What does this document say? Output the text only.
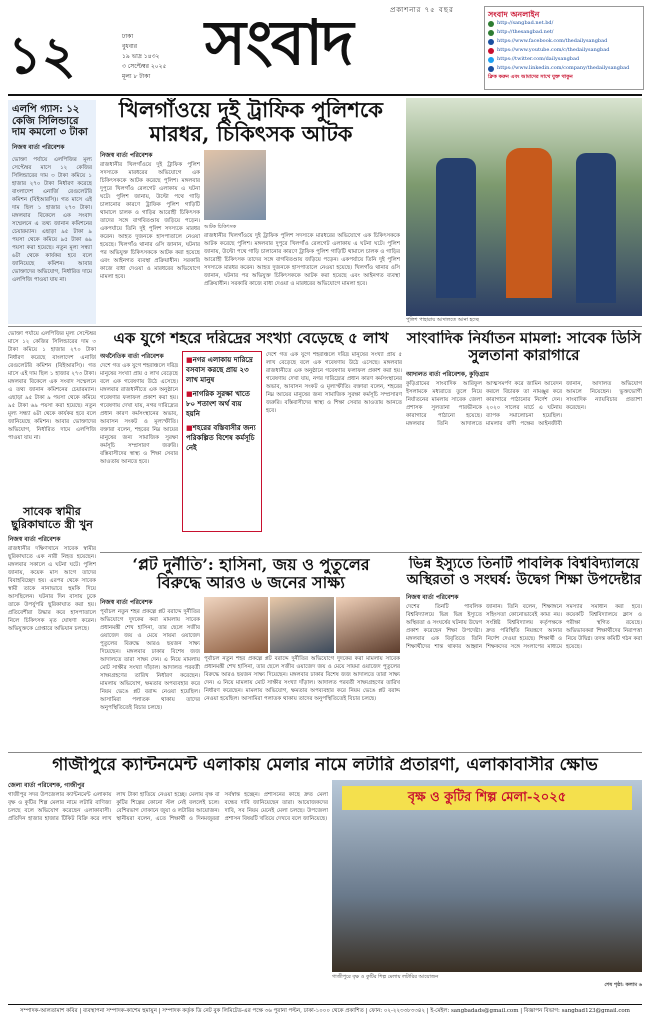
১২	ঢাকা
বুধবার
১৯ ভাদ্র ১৪৩২
৩ সেপ্টেম্বর ২০২৫
মূল্য ৮ টাকা
প্রকাশনার ৭৫ বছর
সংবাদ	সংবাদ অনলাইন
http://sangbad.net.bd/
http://thesangbad.net/
https://www.facebook.com/thedailysangbad
https://www.youtube.com/c/thedailysangbad
https://twitter.com/dailysangbad
https://www.linkedin.com/company/thedailysangbad
ক্লিক করুন এবং আমাদের সাথে যুক্ত থাকুন
এলপি গ্যাস: ১২ কেজি সিলিন্ডারে দাম কমলো ৩ টাকা
নিজস্ব বার্তা পরিবেশক
ভোক্তা পর্যায়ে এলপিজির মূল্য সেপ্টেম্বর মাসে ১২ কেজির সিলিন্ডারের দাম ৩ টাকা কমিয়ে ১ হাজার ২৭০ টাকা নির্ধারণ করেছে বাংলাদেশ এনার্জি রেগুলেটরি কমিশন (বিইআরসি)। গত মাসে এই দাম ছিল ১ হাজার ২৭৩ টাকা। মঙ্গলবার বিকেলে এক সংবাদ সম্মেলনে এ তথ্য জানান কমিশনের চেয়ারম্যান। এছাড়া ৯৫ টাকা ৯ পয়সা থেকে কমিয়ে ৯৫ টাকা ৬৯ পয়সা করা হয়েছে। নতুন মূল্য সন্ধ্যা ৬টা থেকে কার্যকর হবে বলে জানিয়েছে কমিশন। আবার ভোক্তাদের অভিযোগ, নির্ধারিত দামে এলপিজি পাওয়া যায় না।
খিলগাঁওয়ে দুই ট্রাফিক পুলিশকে
মারধর, চিকিৎসক আটক
নিজস্ব বার্তা পরিবেশক
রাজধানীর খিলগাঁওয়ে দুই ট্রাফিক পুলিশ সদস্যকে মারধরের অভিযোগে এক চিকিৎসককে আটক করেছে পুলিশ। মঙ্গলবার দুপুরে খিলগাঁও রেলগেট এলাকায় এ ঘটনা ঘটে। পুলিশ জানায়, উল্টো পথে গাড়ি চালানোর কারণে ট্রাফিক পুলিশ গাড়িটি থামালে চালক ও গাড়ির আরোহী চিকিৎসক তাদের সঙ্গে বাগবিতণ্ডায় জড়িয়ে পড়েন। একপর্যায়ে তিনি দুই পুলিশ সদস্যকে মারধর করেন। আহত দুজনকে হাসপাতালে নেওয়া হয়েছে। খিলগাঁও থানার ওসি জানান, ঘটনার পর অভিযুক্ত চিকিৎসককে আটক করা হয়েছে এবং আইনগত ব্যবস্থা প্রক্রিয়াধীন। সরকারি কাজে বাধা দেওয়া ও মারধরের অভিযোগে মামলা হবে।
আটক চিকিৎসক
রাজধানীর খিলগাঁওয়ে দুই ট্রাফিক পুলিশ সদস্যকে মারধরের অভিযোগে এক চিকিৎসককে আটক করেছে পুলিশ। মঙ্গলবার দুপুরে খিলগাঁও রেলগেট এলাকায় এ ঘটনা ঘটে। পুলিশ জানায়, উল্টো পথে গাড়ি চালানোর কারণে ট্রাফিক পুলিশ গাড়িটি থামালে চালক ও গাড়ির আরোহী চিকিৎসক তাদের সঙ্গে বাগবিতণ্ডায় জড়িয়ে পড়েন। একপর্যায়ে তিনি দুই পুলিশ সদস্যকে মারধর করেন। আহত দুজনকে হাসপাতালে নেওয়া হয়েছে। খিলগাঁও থানার ওসি জানান, ঘটনার পর অভিযুক্ত চিকিৎসককে আটক করা হয়েছে এবং আইনগত ব্যবস্থা প্রক্রিয়াধীন। সরকারি কাজে বাধা দেওয়া ও মারধরের অভিযোগে মামলা হবে।
পুলিশ পাহারায় আদালতে আনা হচ্ছে
এক যুগে শহরে দরিদ্রের সংখ্যা বেড়েছে ৫ লাখ
অর্থনৈতিক বার্তা পরিবেশক
দেশে গত এক যুগে শহরাঞ্চলে দরিদ্র মানুষের সংখ্যা প্রায় ৫ লাখ বেড়েছে বলে এক গবেষণায় উঠে এসেছে। মঙ্গলবার রাজধানীতে এক অনুষ্ঠানে গবেষণার ফলাফল প্রকাশ করা হয়। গবেষণায় দেখা যায়, নগর দারিদ্র্যের প্রধান কারণ কর্মসংস্থানের অভাব, আবাসন সংকট ও মূল্যস্ফীতি। বক্তারা বলেন, শহরের নিম্ন আয়ের মানুষের জন্য সামাজিক সুরক্ষা কর্মসূচি সম্প্রসারণ জরুরি। বস্তিবাসীদের স্বাস্থ্য ও শিক্ষা সেবার আওতায় আনতে হবে।
■ নগর এলাকায় দারিদ্রে বসবাস করছে প্রায় ২৩ লাখ মানুষ
■ নাগরিক সুরক্ষা খাতে ৮০ শতাংশ অর্থ ব্যয় হয়নি
■ শহরের বস্তিবাসীর জন্য পরিকল্পিত বিশেষ কর্মসূচি নেই
দেশে গত এক যুগে শহরাঞ্চলে দরিদ্র মানুষের সংখ্যা প্রায় ৫ লাখ বেড়েছে বলে এক গবেষণায় উঠে এসেছে। মঙ্গলবার রাজধানীতে এক অনুষ্ঠানে গবেষণার ফলাফল প্রকাশ করা হয়। গবেষণায় দেখা যায়, নগর দারিদ্র্যের প্রধান কারণ কর্মসংস্থানের অভাব, আবাসন সংকট ও মূল্যস্ফীতি। বক্তারা বলেন, শহরের নিম্ন আয়ের মানুষের জন্য সামাজিক সুরক্ষা কর্মসূচি সম্প্রসারণ জরুরি। বস্তিবাসীদের স্বাস্থ্য ও শিক্ষা সেবার আওতায় আনতে হবে।
সাংবাদিক নির্যাতন মামলা: সাবেক ডিসি সুলতানা কারাগারে
আদালত বার্তা পরিবেশক, কুড়িগ্রাম
কুড়িগ্রামের সাংবাদিক আরিফুল ইসলামকে মধ্যরাতে তুলে নিয়ে নির্যাতনের মামলায় সাবেক জেলা প্রশাসক সুলতানা পারভীনকে কারাগারে পাঠানো হয়েছে। মঙ্গলবার তিনি আদালতে আত্মসমর্পণ করে জামিন আবেদন করলে বিচারক তা নামঞ্জুর করে কারাগারে পাঠানোর নির্দেশ দেন। ২০২০ সালের মার্চে এ ঘটনায় ব্যাপক সমালোচনা হয়েছিল। মামলার বাদী পক্ষের আইনজীবী জানান, আদালত অভিযোগ আমলে নিয়েছেন। ভুক্তভোগী সাংবাদিক ন্যায়বিচার প্রত্যাশা করেছেন।
ভোক্তা পর্যায়ে এলপিজির মূল্য সেপ্টেম্বর মাসে ১২ কেজির সিলিন্ডারের দাম ৩ টাকা কমিয়ে ১ হাজার ২৭০ টাকা নির্ধারণ করেছে বাংলাদেশ এনার্জি রেগুলেটরি কমিশন (বিইআরসি)। গত মাসে এই দাম ছিল ১ হাজার ২৭৩ টাকা। মঙ্গলবার বিকেলে এক সংবাদ সম্মেলনে এ তথ্য জানান কমিশনের চেয়ারম্যান। এছাড়া ৯৫ টাকা ৯ পয়সা থেকে কমিয়ে ৯৫ টাকা ৬৯ পয়সা করা হয়েছে। নতুন মূল্য সন্ধ্যা ৬টা থেকে কার্যকর হবে বলে জানিয়েছে কমিশন। আবার ভোক্তাদের অভিযোগ, নির্ধারিত দামে এলপিজি পাওয়া যায় না।
সাবেক স্বামীর ছুরিকাঘাতে স্ত্রী খুন
নিজস্ব বার্তা পরিবেশক
রাজধানীর দক্ষিণখানে সাবেক স্বামীর ছুরিকাঘাতে এক নারী নিহত হয়েছেন। মঙ্গলবার সকালে এ ঘটনা ঘটে। পুলিশ জানায়, কয়েক মাস আগে তাদের বিবাহবিচ্ছেদ হয়। এরপর থেকে সাবেক স্বামী তাকে নানাভাবে হুমকি দিয়ে আসছিলেন। ঘটনার দিন বাসায় ঢুকে তাকে উপর্যুপরি ছুরিকাঘাত করা হয়। প্রতিবেশীরা উদ্ধার করে হাসপাতালে নিলে চিকিৎসক মৃত ঘোষণা করেন। অভিযুক্তকে গ্রেপ্তারে অভিযান চলছে।
‘প্লট দুর্নীতি’: হাসিনা, জয় ও পুতুলের
বিরুদ্ধে আরও ৬ জনের সাক্ষ্য
নিজস্ব বার্তা পরিবেশক
পূর্বাচল নতুন শহর প্রকল্পে প্লট বরাদ্দে দুর্নীতির অভিযোগে দুদকের করা মামলায় সাবেক প্রধানমন্ত্রী শেখ হাসিনা, তার ছেলে সজীব ওয়াজেদ জয় ও মেয়ে সায়মা ওয়াজেদ পুতুলের বিরুদ্ধে আরও ছয়জন সাক্ষ্য দিয়েছেন। মঙ্গলবার ঢাকার বিশেষ জজ আদালতে তারা সাক্ষ্য দেন। এ নিয়ে মামলায় মোট সাক্ষীর সংখ্যা দাঁড়াল। আদালত পরবর্তী সাক্ষ্যগ্রহণের তারিখ নির্ধারণ করেছেন। মামলায় অভিযোগ, ক্ষমতার অপব্যবহার করে নিয়ম ভেঙে প্লট বরাদ্দ নেওয়া হয়েছিল। আসামিরা পলাতক থাকায় তাদের অনুপস্থিতিতেই বিচার চলছে।
পূর্বাচল নতুন শহর প্রকল্পে প্লট বরাদ্দে দুর্নীতির অভিযোগে দুদকের করা মামলায় সাবেক প্রধানমন্ত্রী শেখ হাসিনা, তার ছেলে সজীব ওয়াজেদ জয় ও মেয়ে সায়মা ওয়াজেদ পুতুলের বিরুদ্ধে আরও ছয়জন সাক্ষ্য দিয়েছেন। মঙ্গলবার ঢাকার বিশেষ জজ আদালতে তারা সাক্ষ্য দেন। এ নিয়ে মামলায় মোট সাক্ষীর সংখ্যা দাঁড়াল। আদালত পরবর্তী সাক্ষ্যগ্রহণের তারিখ নির্ধারণ করেছেন। মামলায় অভিযোগ, ক্ষমতার অপব্যবহার করে নিয়ম ভেঙে প্লট বরাদ্দ নেওয়া হয়েছিল। আসামিরা পলাতক থাকায় তাদের অনুপস্থিতিতেই বিচার চলছে।
ভিন্ন ইস্যুতে তিনটি পাবলিক বিশ্ববিদ্যালয়ে অস্থিরতা ও সংঘর্ষ: উদ্বেগ শিক্ষা উপদেষ্টার
নিজস্ব বার্তা পরিবেশক
দেশের তিনটি পাবলিক বিশ্ববিদ্যালয়ে ভিন্ন ভিন্ন ইস্যুতে অস্থিরতা ও সংঘর্ষের ঘটনায় উদ্বেগ প্রকাশ করেছেন শিক্ষা উপদেষ্টা। মঙ্গলবার এক বিবৃতিতে তিনি শিক্ষার্থীদের শান্ত থাকার আহ্বান জানান। তিনি বলেন, শিক্ষাঙ্গনে সহিংসতা কোনোভাবেই কাম্য নয়। সংশ্লিষ্ট বিশ্ববিদ্যালয় কর্তৃপক্ষকে দ্রুত পরিস্থিতি নিয়ন্ত্রণে আনার নির্দেশ দেওয়া হয়েছে। শিক্ষার্থী ও শিক্ষকদের সঙ্গে সংলাপের মাধ্যমে সমস্যার সমাধান করা হবে। কয়েকটি বিশ্ববিদ্যালয়ে ক্লাস ও পরীক্ষা স্থগিত রয়েছে। অভিভাবকরা শিক্ষার্থীদের নিরাপত্তা নিয়ে উদ্বিগ্ন। তদন্ত কমিটি গঠন করা হয়েছে।
গাজীপুরে ক্যান্টনমেন্ট এলাকায় মেলার নামে লটারি প্রতারণা, এলাকাবাসীর ক্ষোভ
জেলা বার্তা পরিবেশক, গাজীপুর
গাজীপুর সদর উপজেলার ক্যান্টনমেন্ট এলাকায় বৃক্ষ ও কুটির শিল্প মেলার নামে লটারি বাণিজ্য চলছে বলে অভিযোগ করেছেন এলাকাবাসী। প্রতিদিন হাজার হাজার টিকিট বিক্রি করে লাখ লাখ টাকা হাতিয়ে নেওয়া হচ্ছে। মেলায় বৃক্ষ বা কুটির শিল্পের কোনো স্টল নেই বললেই চলে। বেশিরভাগ দোকানে জুয়া ও লটারির আয়োজন। স্থানীয়রা বলেন, এতে শিক্ষার্থী ও দিনমজুররা সর্বস্বান্ত হচ্ছেন। প্রশাসনের কাছে দ্রুত মেলা বন্ধের দাবি জানিয়েছেন তারা। আয়োজকদের দাবি, সব নিয়ম মেনেই মেলা চলছে। উপজেলা প্রশাসন বিষয়টি খতিয়ে দেখবে বলে জানিয়েছে।
বৃক্ষ ও কুটির শিল্প মেলা-২০২৫
গাজীপুরে বৃক্ষ ও কুটির শিল্প মেলায় লটারির আয়োজন
শেষ পৃষ্ঠা: কলাম ৬
সম্পাদক-আলতামাশ কবির | ব্যবস্থাপনা সম্পাদক-কাশেম হুমায়ুন | সম্পাদক কর্তৃক ডি নেট বুক লিমিটেড-এর পক্ষে ৩৬ পুরানা পল্টন, ঢাকা-১০০০ থেকে প্রকাশিত | ফোন: ০২-২২৩৩৮৩৩৪২ | ই-মেইল: sangbadads@gmail.com | বিজ্ঞাপন বিভাগ: sangbad123@gmail.com
